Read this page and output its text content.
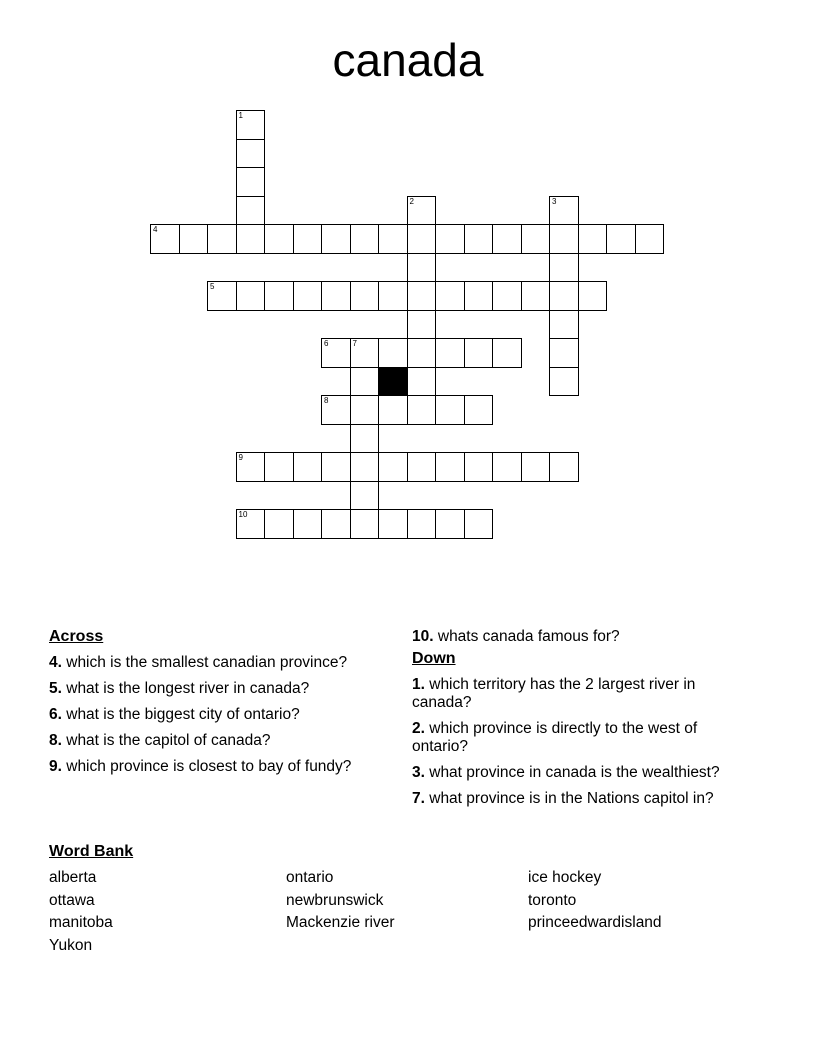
canada
1
2	3
4
5
6	7
8
9
10
Across
4. which is the smallest canadian province?
5. what is the longest river in canada?
6. what is the biggest city of ontario?
8. what is the capitol of canada?
9. which province is closest to bay of fundy?
10. whats canada famous for?
Down
1. which territory has the 2 largest river in canada?
2. which province is directly to the west of ontario?
3. what province in canada is the wealthiest?
7. what province is in the Nations capitol in?
Word Bank
alberta
ottawa
manitoba
Yukon
ontario
newbrunswick
Mackenzie river
ice hockey
toronto
princeedwardisland
